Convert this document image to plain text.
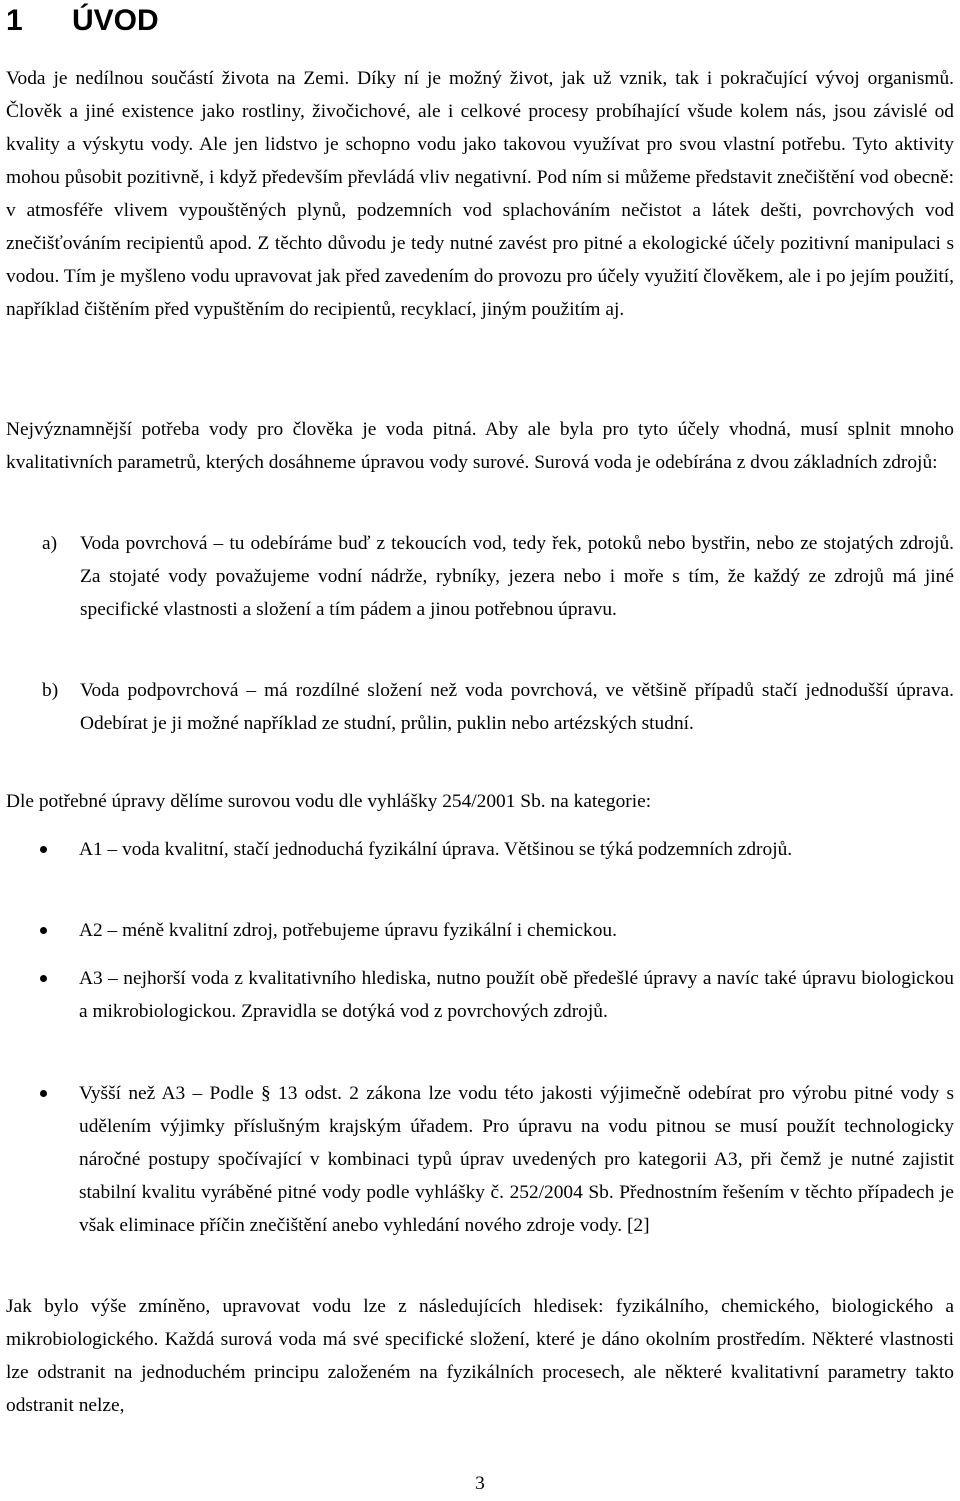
1 ÚVOD

Voda je nedílnou součástí života na Zemi. Díky ní je možný život, jak už vznik, tak i pokračující vývoj organismů. Člověk a jiné existence jako rostliny, živočichové, ale i celkové procesy probíhající všude kolem nás, jsou závislé od kvality a výskytu vody. Ale jen lidstvo je schopno vodu jako takovou využívat pro svou vlastní potřebu. Tyto aktivity mohou působit pozitivně, i když především převládá vliv negativní. Pod ním si můžeme představit znečištění vod obecně: v atmosféře vlivem vypouštěných plynů, podzemních vod splachováním nečistot a látek dešti, povrchových vod znečišťováním recipientů apod. Z těchto důvodu je tedy nutné zavést pro pitné a ekologické účely pozitivní manipulaci s vodou. Tím je myšleno vodu upravovat jak před zavedením do provozu pro účely využití člověkem, ale i po jejím použití, například čištěním před vypuštěním do recipientů, recyklací, jiným použitím aj.

Nejvýznamnější potřeba vody pro člověka je voda pitná. Aby ale byla pro tyto účely vhodná, musí splnit mnoho kvalitativních parametrů, kterých dosáhneme úpravou vody surové. Surová voda je odebírána z dvou základních zdrojů:

a)	Voda povrchová – tu odebíráme buď z tekoucích vod, tedy řek, potoků nebo bystřin, nebo ze stojatých zdrojů. Za stojaté vody považujeme vodní nádrže, rybníky, jezera nebo i moře s tím, že každý ze zdrojů má jiné specifické vlastnosti a složení a tím pádem a jinou potřebnou úpravu.
b)	Voda podpovrchová – má rozdílné složení než voda povrchová, ve většině případů stačí jednodušší úprava. Odebírat je ji možné například ze studní, průlin, puklin nebo artézských studní.

Dle potřebné úpravy dělíme surovou vodu dle vyhlášky 254/2001 Sb. na kategorie:

A1 – voda kvalitní, stačí jednoduchá fyzikální úprava. Většinou se týká podzemních zdrojů.
A2 – méně kvalitní zdroj, potřebujeme úpravu fyzikální i chemickou.
A3 – nejhorší voda z kvalitativního hlediska, nutno použít obě předešlé úpravy a navíc také úpravu biologickou a mikrobiologickou. Zpravidla se dotýká vod z povrchových zdrojů.
Vyšší než A3 – Podle § 13 odst. 2 zákona lze vodu této jakosti výjimečně odebírat pro výrobu pitné vody s udělením výjimky příslušným krajským úřadem. Pro úpravu na vodu pitnou se musí použít technologicky náročné postupy spočívající v kombinaci typů úprav uvedených pro kategorii A3, při čemž je nutné zajistit stabilní kvalitu vyráběné pitné vody podle vyhlášky č. 252/2004 Sb. Přednostním řešením v těchto případech je však eliminace příčin znečištění anebo vyhledání nového zdroje vody. [2]

Jak bylo výše zmíněno, upravovat vodu lze z následujících hledisek: fyzikálního, chemického, biologického a mikrobiologického. Každá surová voda má své specifické složení, které je dáno okolním prostředím. Některé vlastnosti lze odstranit na jednoduchém principu založeném na fyzikálních procesech, ale některé kvalitativní parametry takto odstranit nelze,

3
